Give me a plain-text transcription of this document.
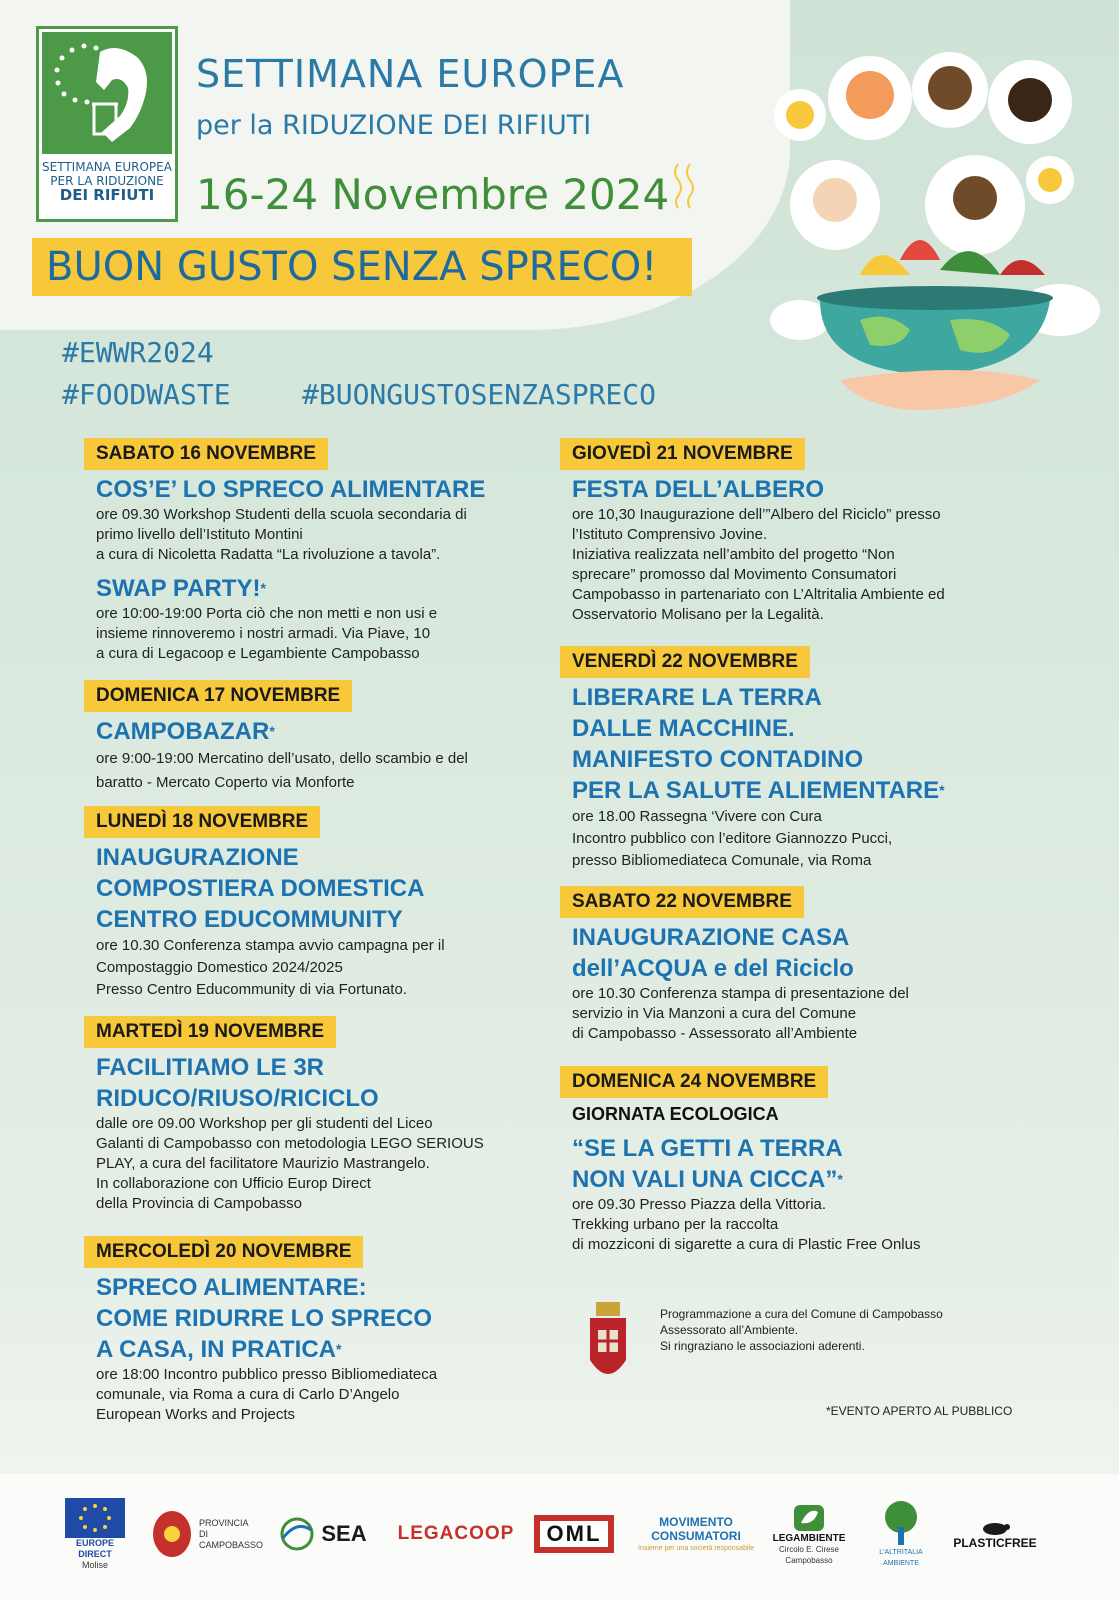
SETTIMANA EUROPEA
PER LA RIDUZIONE
DEI RIFIUTI
SETTIMANA EUROPEA
per la RIDUZIONE DEI RIFIUTI
16-24 Novembre 2024
BUON GUSTO SENZA SPRECO!
#EWWR2024
#FOODWASTE	#BUONGUSTOSENZASPRECO
SABATO 16 NOVEMBRE
COS’E’ LO SPRECO ALIMENTARE
ore 09.30 Workshop Studenti della scuola secondaria di
primo livello dell’Istituto Montini
a cura di Nicoletta Radatta “La rivoluzione a tavola”.
SWAP PARTY!*
ore 10:00-19:00 Porta ciò che non metti e non usi e
insieme rinnoveremo i nostri armadi. Via Piave, 10
a cura di Legacoop e Legambiente Campobasso
DOMENICA 17 NOVEMBRE
CAMPOBAZAR*
ore 9:00-19:00 Mercatino dell’usato, dello scambio e del
baratto - Mercato Coperto via Monforte
LUNEDÌ 18 NOVEMBRE
INAUGURAZIONE
COMPOSTIERA DOMESTICA
CENTRO EDUCOMMUNITY
ore 10.30 Conferenza stampa avvio campagna per il
Compostaggio Domestico 2024/2025
Presso Centro Educommunity di via Fortunato.
MARTEDÌ 19 NOVEMBRE
FACILITIAMO LE 3R
RIDUCO/RIUSO/RICICLO
dalle ore 09.00 Workshop per gli studenti del Liceo
Galanti di Campobasso con metodologia LEGO SERIOUS
PLAY, a cura del facilitatore Maurizio Mastrangelo.
In collaborazione con Ufficio Europ Direct
della Provincia di Campobasso
MERCOLEDÌ 20 NOVEMBRE
SPRECO ALIMENTARE:
COME RIDURRE LO SPRECO
A CASA, IN PRATICA*
ore 18:00 Incontro pubblico presso Bibliomediateca
comunale, via Roma a cura di Carlo D’Angelo
European Works and Projects
GIOVEDÌ 21 NOVEMBRE
FESTA DELL’ALBERO
ore 10,30 Inaugurazione dell’”Albero del Riciclo” presso
l’Istituto Comprensivo Jovine.
Iniziativa realizzata nell’ambito del progetto “Non
sprecare” promosso dal Movimento Consumatori
Campobasso in partenariato con L’Altritalia Ambiente ed
Osservatorio Molisano per la Legalità.
VENERDÌ 22 NOVEMBRE
LIBERARE LA TERRA
DALLE MACCHINE.
MANIFESTO CONTADINO
PER LA SALUTE ALIEMENTARE*
ore 18.00 Rassegna ‘Vivere con Cura
Incontro pubblico con l’editore Giannozzo Pucci,
presso Bibliomediateca Comunale, via Roma
SABATO 22 NOVEMBRE
INAUGURAZIONE CASA
dell’ACQUA e del Riciclo
ore 10.30 Conferenza stampa di presentazione del
servizio in Via Manzoni a cura del Comune
di Campobasso - Assessorato all’Ambiente
DOMENICA 24 NOVEMBRE
GIORNATA ECOLOGICA
“SE LA GETTI A TERRA
NON VALI UNA CICCA”*
ore 09.30 Presso Piazza della Vittoria.
Trekking urbano per la raccolta
di mozziconi di sigarette a cura di Plastic Free Onlus
Programmazione a cura del Comune di Campobasso
Assessorato all’Ambiente.
Si ringraziano le associazioni aderenti.
*EVENTO APERTO AL PUBBLICO
EUROPE DIRECT
Molise
PROVINCIA DI CAMPOBASSO	SEA LEGACOOP OML	MOVIMENTO CONSUMATORI
Insieme per una società responsabile
LEGAMBIENTE
Circolo E. Cirese Campobasso
L'ALTRITALIA AMBIENTE
PLASTICFREE
